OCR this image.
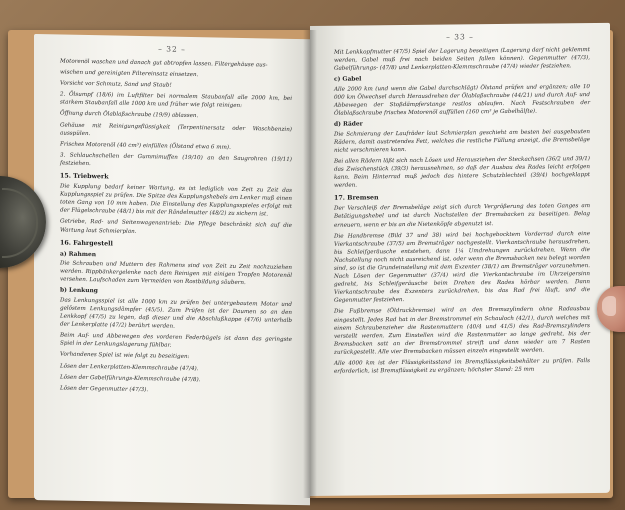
– 32 –
Motorenöl waschen und danach gut abtropfen lassen. Filtergehäuse aus-
wischen und gereinigten Filtereinsatz einsetzen.
Vorsicht vor Schmutz, Sand und Staub!
2. Ölsumpf (18/6) im Luftfilter bei normalem Staubanfall alle 2000 km, bei starkem Staubanfall alle 1000 km und früher wie folgt reinigen:
Öffnung durch Ölablaßschraube (19/9) ablassen.
Gehäuse mit Reinigungsflüssigkeit (Terpentinersatz oder Waschbenzin) ausspülen.
Frisches Motorenöl (40 cm³) einfüllen (Ölstand etwa 6 mm).
3. Schlauchschellen der Gummimuffen (19/10) an den Saugrohren (19/11) festziehen.
15. Triebwerk
Die Kupplung bedarf keiner Wartung, es ist lediglich von Zeit zu Zeit das Kupplungsspiel zu prüfen. Die Spitze des Kupplungshebels am Lenker muß einen toten Gang von 10 mm haben. Die Einstellung des Kupplungsspieles erfolgt mit der Flügelschraube (48/1) bis mit der Rändelmutter (48/2) zu sichern ist.
Getriebe, Rad- und Seitenwagenantrieb: Die Pflege beschränkt sich auf die Wartung laut Schmierplan.
16. Fahrgestell
a) Rahmen
Die Schrauben und Muttern des Rahmens sind von Zeit zu Zeit nachzuziehen werden. Rippbänkergelenke nach dem Reinigen mit einigen Tropfen Motorenöl versehen. Laufschaden zum Vermeiden von Rostbildung säubern.
b) Lenkung
Das Lenkungsspiel ist alle 1000 km zu prüfen bei untergebautem Motor und gelöstem Lenkungsdämpfer (45/5). Zum Prüfen ist der Daumen so an den Lenkkopf (47/5) zu legen, daß dieser und die Abschlußkappe (47/6) unterhalb der Lenkerplatte (47/2) berührt werden.
Beim Auf- und Abbewegen des vorderen Federbügels ist dann das geringste Spiel in der Lenkungslagerung fühlbar.
Vorhandenes Spiel ist wie folgt zu beseitigen:
Lösen der Lenkerplatten-Klemmschraube (47/4).
Lösen der Gabelführungs-Klemmschraube (47/8).
Lösen der Gegenmutter (47/3).
– 33 –
Mit Lenkkopfmutter (47/5) Spiel der Lagerung beseitigen (Lagerung darf nicht geklemmt werden, Gabel muß frei nach beiden Seiten fallen können). Gegenmutter (47/3), Gabelführungs- (47/8) und Lenkerplatten-Klemmschraube (47/4) wieder festziehen.
c) Gabel
Alle 2000 km (und wenn die Gabel durchschlägt) Ölstand prüfen und ergänzen; alle 10 000 km Ölwechsel durch Herausdrehen der Ölablaßschraube (44/21) und durch Auf- und Abbewegen der Stoßdämpferstange restlos ablaufen. Nach Festschrauben der Ölablaßschraube frisches Motorenöl auffüllen (160 cm³ je Gabelhälfte).
d) Räder
Die Schmierung der Laufräder laut Schmierplan geschieht am besten bei ausgebauten Rädern, damit austretendes Fett, welches die restliche Füllung anzeigt, die Bremsbeläge nicht verschmieren kann.
Bei allen Rädern läßt sich nach Lösen und Herausziehen der Steckachsen (36/2 und 39/1) das Zwischenstück (39/3) herausnehmen, so daß der Ausbau des Rades leicht erfolgen kann. Beim Hinterrad muß jedoch das hintere Schutzblechteil (39/4) hochgeklappt werden.
17. Bremsen
Der Verschleiß der Bremsbeläge zeigt sich durch Vergrößerung des toten Ganges am Betätigungshebel und ist durch Nachstellen der Bremsbacken zu beseitigen. Belag erneuern, wenn er bis an die Nietenköpfe abgenutzt ist.
Die Handbremse (Bild 37 und 38) wird bei hochgebocktem Vorderrad durch eine Vierkantschraube (37/5) am Bremsträger nachgestellt. Vierkantschraube herausdrehen, bis Schleifgeräusche entstehen, dann 1¼ Umdrehungen zurückdrehen. Wenn die Nachstellung noch nicht ausreichend ist, oder wenn die Bremsbacken neu belegt worden sind, so ist die Grundeinstellung mit dem Exzenter (38/1) am Bremsträger vorzunehmen. Nach Lösen der Gegenmutter (37/4) wird die Vierkantschraube im Uhrzeigersinn gedreht, bis Schleifgeräusche beim Drehen des Rades hörbar werden. Dann Vierkantschraube des Exzenters zurückdrehen, bis das Rad frei läuft, und die Gegenmutter festziehen.
Die Fußbremse (Öldruckbremse) wird an den Bremszylindern ohne Radausbau eingestellt. Jedes Rad hat in der Bremstrommel ein Schauloch (42/1), durch welches mit einem Schraubenzieher die Rastenmuttern (40/4 und 41/5) des Rad-Bremszylinders verstellt werden. Zum Einstellen wird die Rastenmutter so lange gedreht, bis der Bremsbacken satt an der Bremstrommel streift und dann wieder um 7 Rasten zurückgestellt. Alle vier Bremsbacken müssen einzeln eingestellt werden.
Alle 4000 km ist der Flüssigkeitsstand im Bremsflüssigkeitsbehälter zu prüfen. Falls erforderlich, ist Bremsflüssigkeit zu ergänzen; höchster Stand: 25 mm
